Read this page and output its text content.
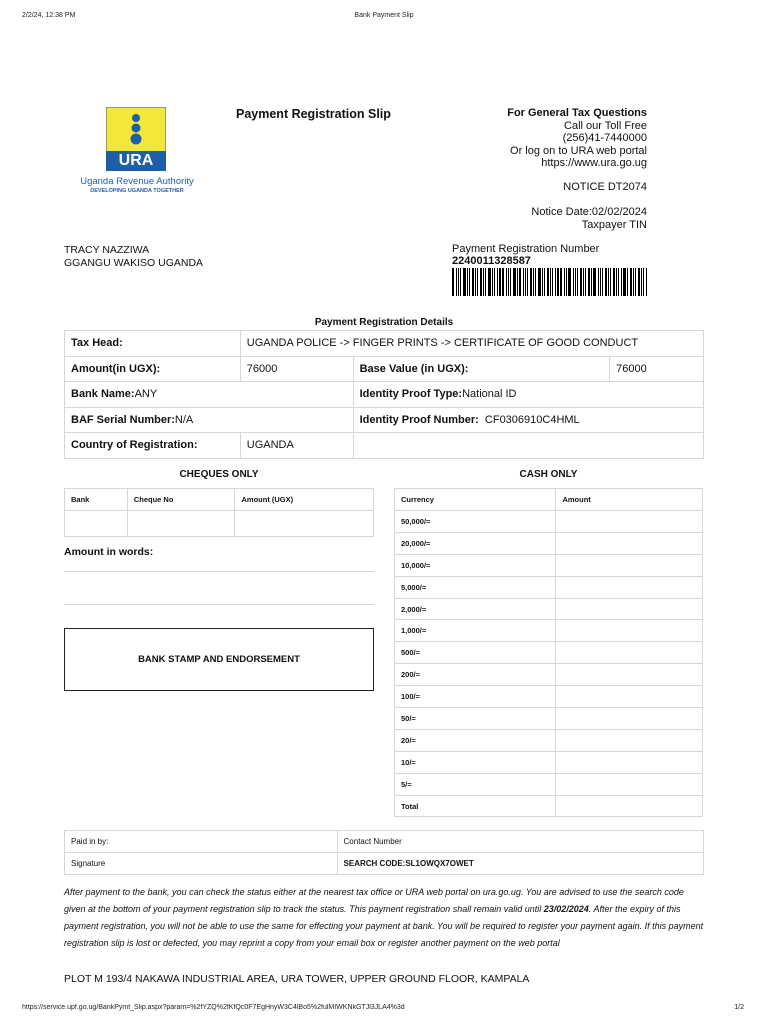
2/2/24, 12:38 PM	Bank Payment Slip
URA
Uganda Revenue Authority
DEVELOPING UGANDA TOGETHER
Payment Registration Slip	For General Tax Questions
Call our Toll Free
(256)41-7440000
Or log on to URA web portal
https://www.ura.go.ug
NOTICE DT2074
Notice Date:02/02/2024
Taxpayer TIN
TRACY NAZZIWA
GGANGU WAKISO UGANDA
Payment Registration Number
2240011328587
Payment Registration Details
Tax Head:	UGANDA POLICE -> FINGER PRINTS -> CERTIFICATE OF GOOD CONDUCT		
Amount(in UGX):	76000	Base Value (in UGX):	76000
Bank Name:ANY		Identity Proof Type:National ID	
BAF Serial Number:N/A		Identity Proof Number: CF0306910C4HML	
Country of Registration:	UGANDA		
CHEQUES ONLY
Bank	Cheque No	Amount (UGX)

Amount in words:
BANK STAMP AND ENDORSEMENT
CASH ONLY
Currency	Amount
50,000/=	
20,000/=	
10,000/=	
5,000/=	
2,000/=	
1,000/=	
500/=	
200/=	
100/=	
50/=	
20/=	
10/=	
5/=	
Total	
Paid in by:	Contact Number
Signature	SEARCH CODE:SL1OWQX7OWET
After payment to the bank, you can check the status either at the nearest tax office or URA web portal on ura.go.ug. You are advised to use the search code given at the bottom of your payment registration slip to track the status. This payment registration shall remain valid until 23/02/2024. After the expiry of this payment registration, you will not be able to use the same for effecting your payment at bank. You will be required to register your payment again. If this payment registration slip is lost or defected, you may reprint a copy from your email box or register another payment on the web portal
PLOT M 193/4 NAKAWA INDUSTRIAL AREA, URA TOWER, UPPER GROUND FLOOR, KAMPALA
https://service.upf.go.ug/BankPymt_Slip.aspx?param=%2fYZQ%2fKfQc0F7EgHnyW3C4lBo5%2fulMIWKNkGTJl3JLA4%3d	1/2
